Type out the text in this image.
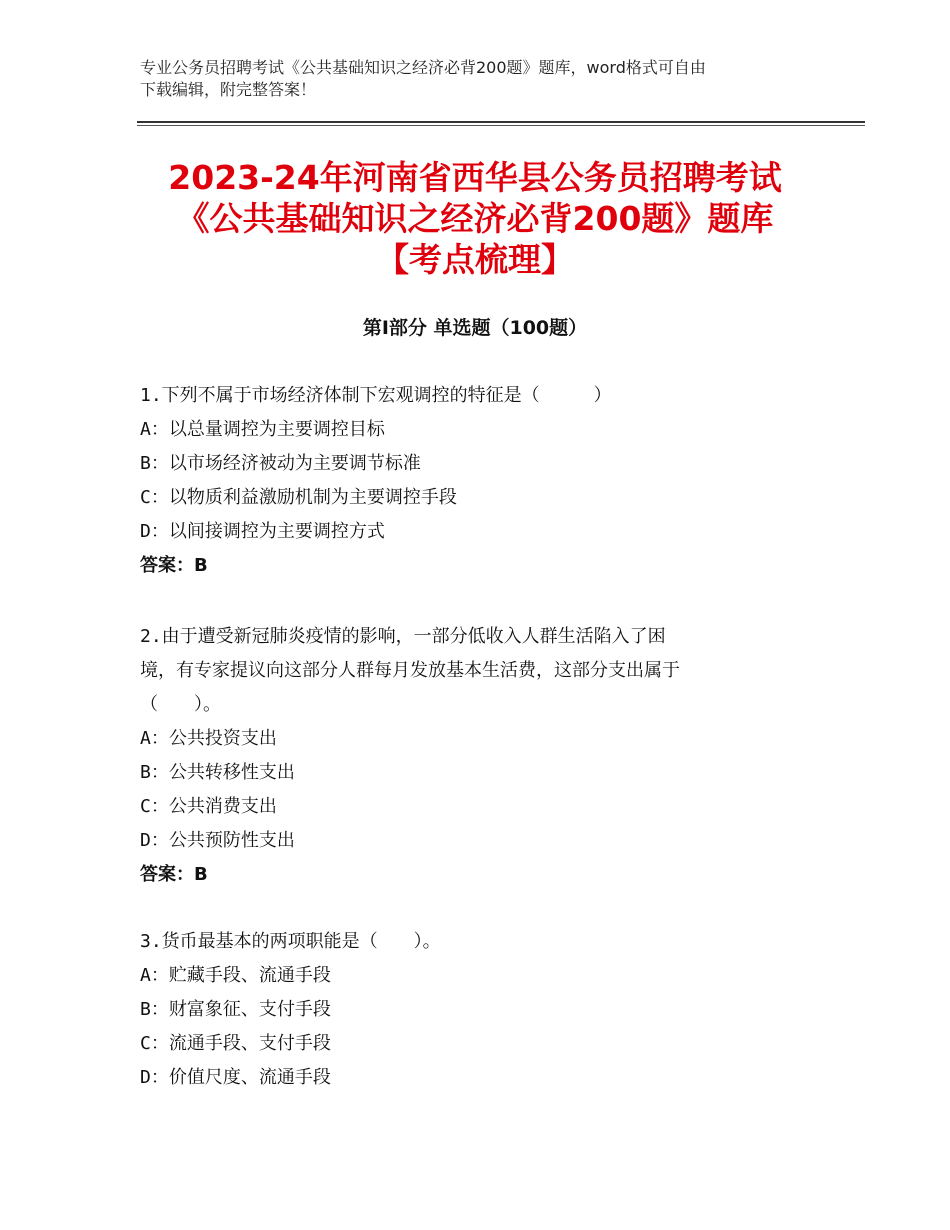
专业公务员招聘考试《公共基础知识之经济必背200题》题库，word格式可自由
下载编辑，附完整答案！
2023-24年河南省西华县公务员招聘考试
《公共基础知识之经济必背200题》题库
【考点梳理】
第Ⅰ部分 单选题（100题）
1.下列不属于市场经济体制下宏观调控的特征是（　　　）
A：以总量调控为主要调控目标
B：以市场经济被动为主要调节标准
C：以物质利益激励机制为主要调控手段
D：以间接调控为主要调控方式
答案：B
2.由于遭受新冠肺炎疫情的影响，一部分低收入人群生活陷入了困
境，有专家提议向这部分人群每月发放基本生活费，这部分支出属于
（　　）。
A：公共投资支出
B：公共转移性支出
C：公共消费支出
D：公共预防性支出
答案：B
3.货币最基本的两项职能是（　　）。
A：贮藏手段、流通手段
B：财富象征、支付手段
C：流通手段、支付手段
D：价值尺度、流通手段
